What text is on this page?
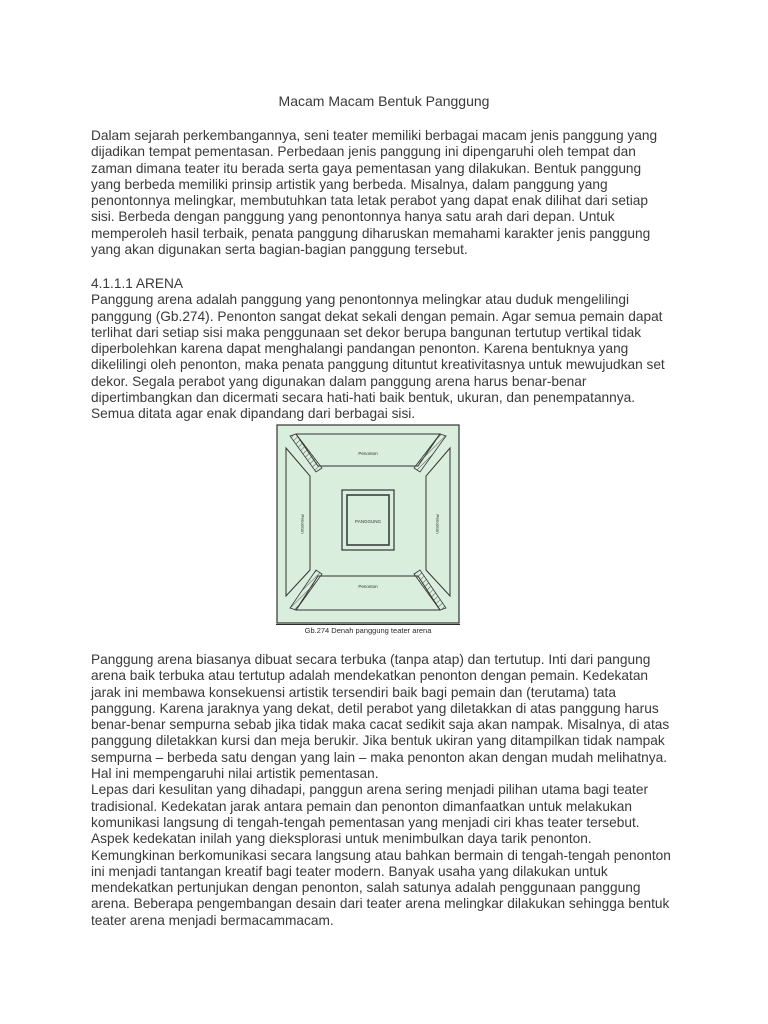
Macam Macam Bentuk Panggung
Dalam sejarah perkembangannya, seni teater memiliki berbagai macam jenis panggung yang
dijadikan tempat pementasan. Perbedaan jenis panggung ini dipengaruhi oleh tempat dan
zaman dimana teater itu berada serta gaya pementasan yang dilakukan. Bentuk panggung
yang berbeda memiliki prinsip artistik yang berbeda. Misalnya, dalam panggung yang
penontonnya melingkar, membutuhkan tata letak perabot yang dapat enak dilihat dari setiap
sisi. Berbeda dengan panggung yang penontonnya hanya satu arah dari depan. Untuk
memperoleh hasil terbaik, penata panggung diharuskan memahami karakter jenis panggung
yang akan digunakan serta bagian-bagian panggung tersebut.
4.1.1.1 ARENA
Panggung arena adalah panggung yang penontonnya melingkar atau duduk mengelilingi
panggung (Gb.274). Penonton sangat dekat sekali dengan pemain. Agar semua pemain dapat
terlihat dari setiap sisi maka penggunaan set dekor berupa bangunan tertutup vertikal tidak
diperbolehkan karena dapat menghalangi pandangan penonton. Karena bentuknya yang
dikelilingi oleh penonton, maka penata panggung dituntut kreativitasnya untuk mewujudkan set
dekor. Segala perabot yang digunakan dalam panggung arena harus benar-benar
dipertimbangkan dan dicermati secara hati-hati baik bentuk, ukuran, dan penempatannya.
Semua ditata agar enak dipandang dari berbagai sisi.
PANGGUNG
Penonton
Penonton
Penonton	Penonton
Gb.274 Denah panggung teater arena
Panggung arena biasanya dibuat secara terbuka (tanpa atap) dan tertutup. Inti dari pangung
arena baik terbuka atau tertutup adalah mendekatkan penonton dengan pemain. Kedekatan
jarak ini membawa konsekuensi artistik tersendiri baik bagi pemain dan (terutama) tata
panggung. Karena jaraknya yang dekat, detil perabot yang diletakkan di atas panggung harus
benar-benar sempurna sebab jika tidak maka cacat sedikit saja akan nampak. Misalnya, di atas
panggung diletakkan kursi dan meja berukir. Jika bentuk ukiran yang ditampilkan tidak nampak
sempurna – berbeda satu dengan yang lain – maka penonton akan dengan mudah melihatnya.
Hal ini mempengaruhi nilai artistik pementasan.
Lepas dari kesulitan yang dihadapi, panggun arena sering menjadi pilihan utama bagi teater
tradisional. Kedekatan jarak antara pemain dan penonton dimanfaatkan untuk melakukan
komunikasi langsung di tengah-tengah pementasan yang menjadi ciri khas teater tersebut.
Aspek kedekatan inilah yang dieksplorasi untuk menimbulkan daya tarik penonton.
Kemungkinan berkomunikasi secara langsung atau bahkan bermain di tengah-tengah penonton
ini menjadi tantangan kreatif bagi teater modern. Banyak usaha yang dilakukan untuk
mendekatkan pertunjukan dengan penonton, salah satunya adalah penggunaan panggung
arena. Beberapa pengembangan desain dari teater arena melingkar dilakukan sehingga bentuk
teater arena menjadi bermacammacam.
